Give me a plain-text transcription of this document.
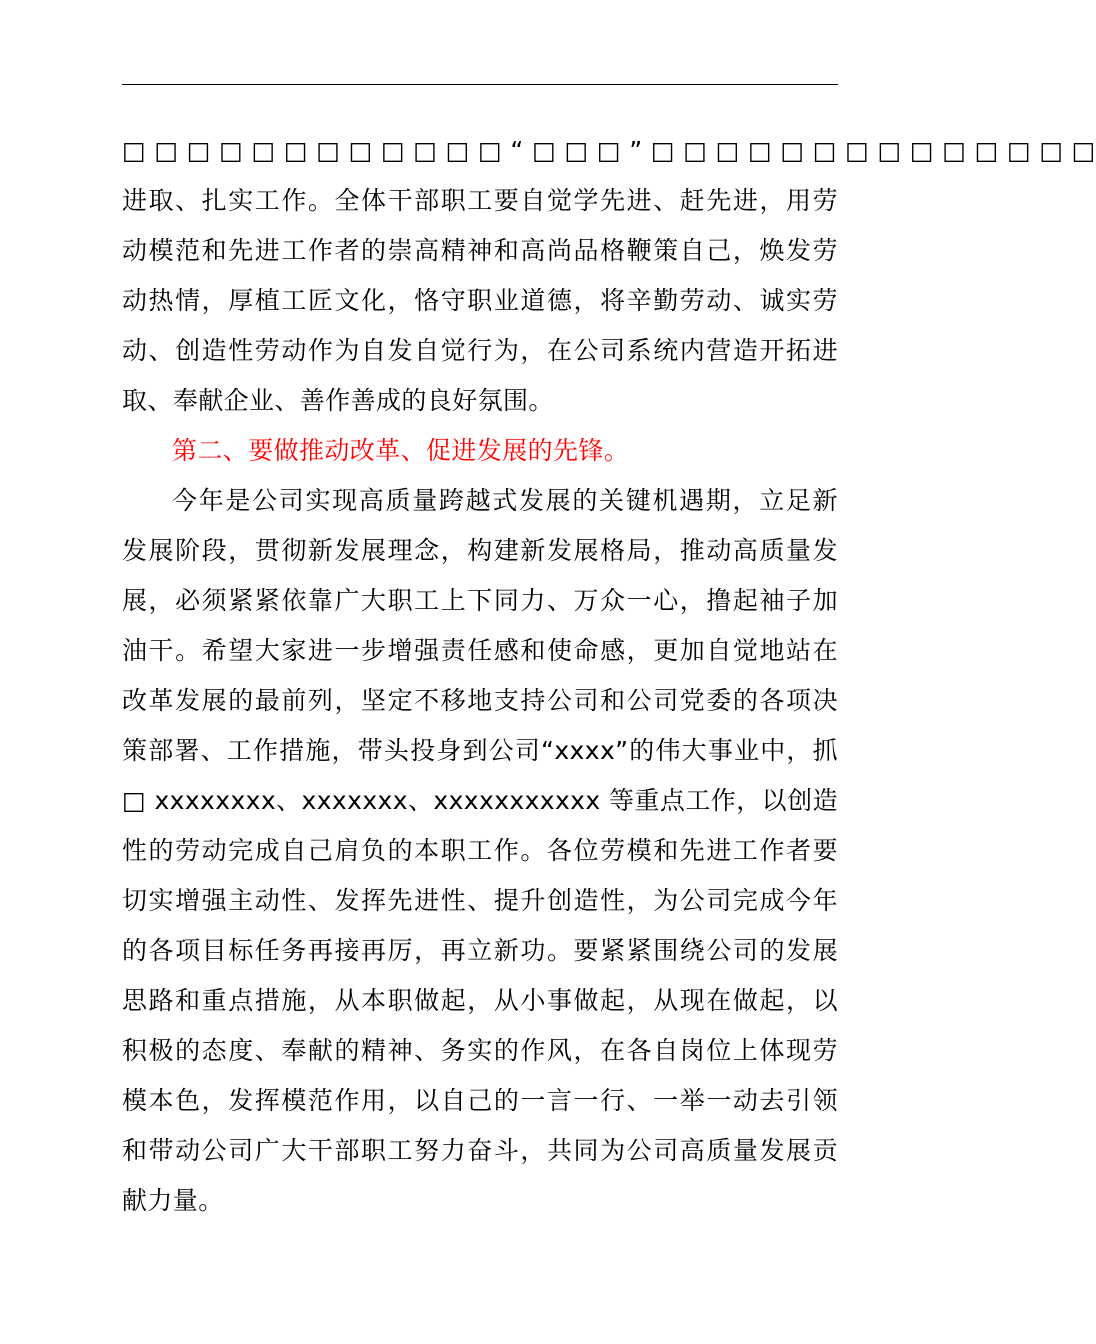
□ □ □ □ □ □ □ □ □ □ □ □ “ □ □ □ ” □ □ □ □ □ □ □ □ □ □ □ □ □ □
进取、扎实工作。全体干部职工要自觉学先进、赶先进，用劳
动模范和先进工作者的崇高精神和高尚品格鞭策自己，焕发劳
动热情，厚植工匠文化，恪守职业道德，将辛勤劳动、诚实劳
动、创造性劳动作为自发自觉行为，在公司系统内营造开拓进
取、奉献企业、善作善成的良好氛围。
第二、要做推动改革、促进发展的先锋。
今年是公司实现高质量跨越式发展的关键机遇期，立足新
发展阶段，贯彻新发展理念，构建新发展格局，推动高质量发
展，必须紧紧依靠广大职工上下同力、万众一心，撸起袖子加
油干。希望大家进一步增强责任感和使命感，更加自觉地站在
改革发展的最前列，坚定不移地支持公司和公司党委的各项决
策部署、工作措施，带头投身到公司“xxxx”的伟大事业中，抓
□ xxxxxxxx、xxxxxxx、xxxxxxxxxxx 等重点工作，以创造
性的劳动完成自己肩负的本职工作。各位劳模和先进工作者要
切实增强主动性、发挥先进性、提升创造性，为公司完成今年
的各项目标任务再接再厉，再立新功。要紧紧围绕公司的发展
思路和重点措施，从本职做起，从小事做起，从现在做起，以
积极的态度、奉献的精神、务实的作风，在各自岗位上体现劳
模本色，发挥模范作用，以自己的一言一行、一举一动去引领
和带动公司广大干部职工努力奋斗，共同为公司高质量发展贡
献力量。
